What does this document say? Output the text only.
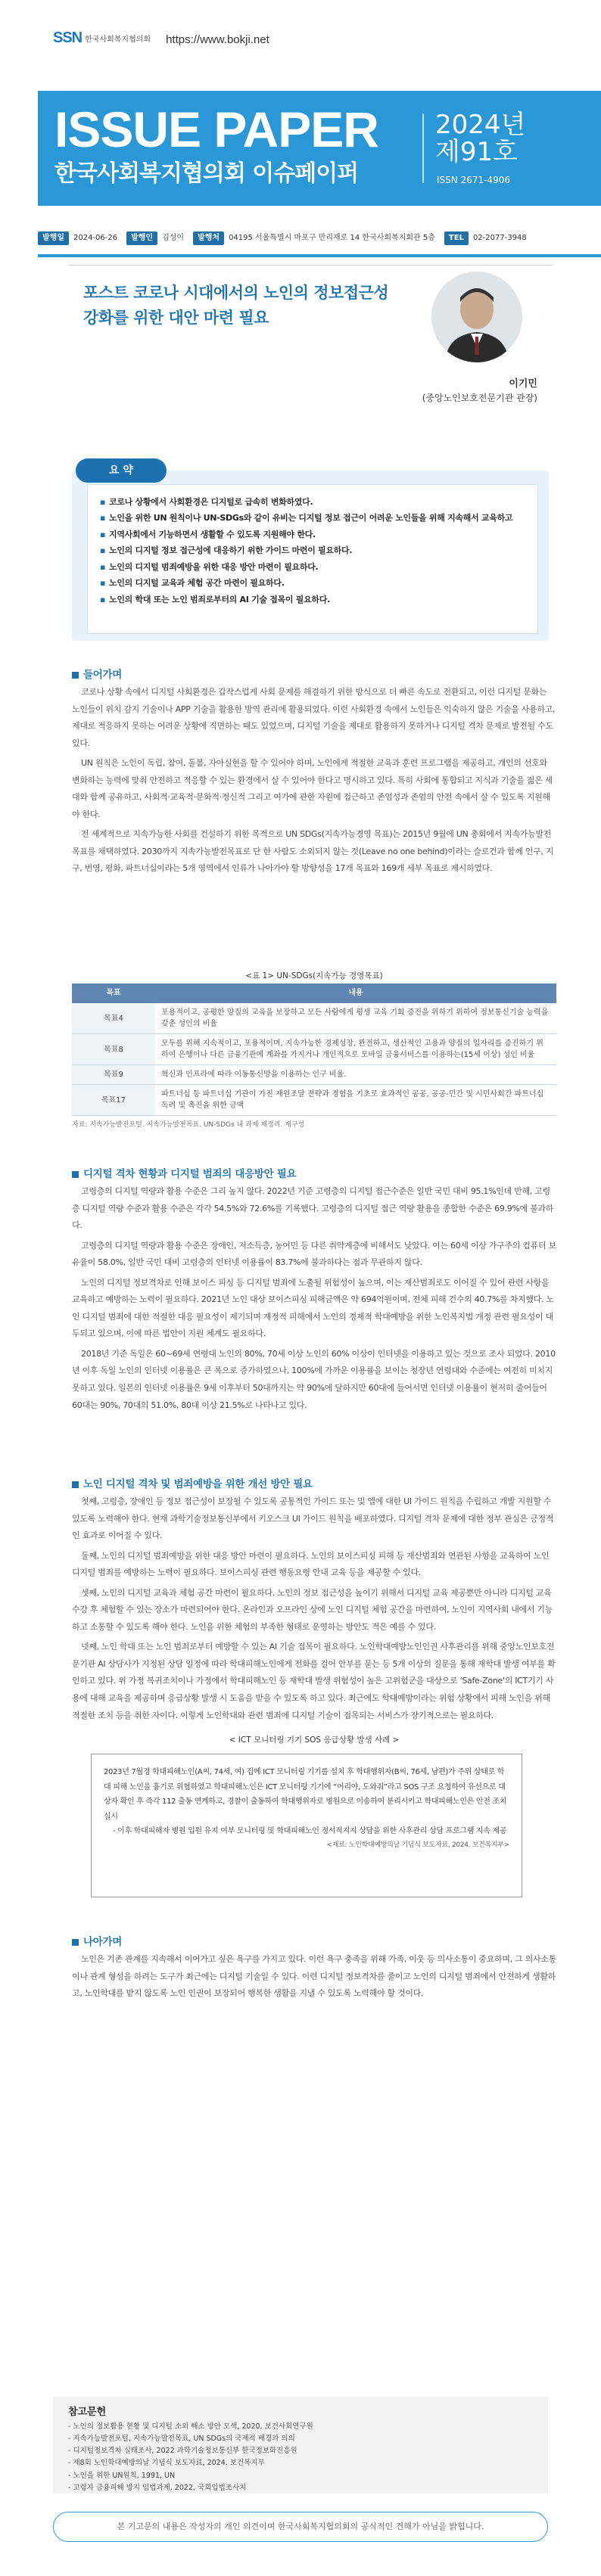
SSN 한국사회복지협의회 https://www.bokji.net
ISSUE PAPER
한국사회복지협의회 이슈페이퍼
2024년
제91호
ISSN 2671-4906
발행일	2024-06-26	발행인	김성이	발행처	04195 서울특별시 마포구 만리재로 14 한국사회복지회관 5층	TEL	02-2077-3948
포스트 코로나 시대에서의 노인의 정보접근성
강화를 위한 대안 마련 필요
이기민
(중앙노인보호전문기관 관장)
▪ 코로나 상황에서 사회환경은 디지털로 급속히 변화하였다.
▪ 노인을 위한 UN 원칙이나 UN-SDGs와 같이 유비는 디지털 정보 접근이 어려운 노인들을 위해 지속해서 교육하고
▪ 지역사회에서 기능하면서 생활할 수 있도록 지원해야 한다.
▪ 노인의 디지털 정보 접근성에 대응하기 위한 가이드 마련이 필요하다.
▪ 노인의 디지털 범죄예방을 위한 대응 방안 마련이 필요하다.
▪ 노인의 디지털 교육과 체험 공간 마련이 필요하다.
▪ 노인의 학대 또는 노인 범죄로부터의 AI 기술 접목이 필요하다.
요 약
들어가며

코로나 상황 속에서 디지털 사회환경은 갑작스럽게 사회 문제를 해결하기 위한 방식으로 더 빠른 속도로 전환되고, 이런 디지털 문화는 노인들이 위치 감지 기술이나 APP 기술을 활용한 방역 관리에 활용되었다. 이런 사회환경 속에서 노인들은 익숙하지 않은 기술을 사용하고, 제대로 적응하지 못하는 어려운 상황에 직면하는 때도 있었으며, 디지털 기술을 제대로 활용하지 못하거나 디지털 격차 문제로 발전될 수도 있다.

UN 원칙은 노인이 독립, 참여, 돌봄, 자아실현을 할 수 있어야 하며, 노인에게 적절한 교육과 훈련 프로그램을 제공하고, 개인의 선호와 변화하는 능력에 맞춰 안전하고 적응할 수 있는 환경에서 살 수 있어야 한다고 명시하고 있다. 특히 사회에 통합되고 지식과 기술을 젊은 세대와 함께 공유하고, 사회적·교육적·문화적·정신적 그리고 여가에 관한 자원에 접근하고 존엄성과 존엄의 안전 속에서 살 수 있도록 지원해야 한다.

전 세계적으로 지속가능한 사회를 건설하기 위한 목적으로 UN SDGs(지속가능경영 목표)는 2015년 9월에 UN 총회에서 지속가능발전목표를 채택하였다. 2030까지 지속가능발전목표로 단 한 사람도 소외되지 않는 것(Leave no one behind)이라는 슬로건과 함께 인구, 지구, 번영, 평화, 파트너십이라는 5개 영역에서 인류가 나아가야 할 방향성을 17개 목표와 169개 세부 목표로 제시하였다.

<표 1> UN-SDGs(지속가능 경영목표)
목표	내용
목표4	포용적이고, 공평한 양질의 교육을 보장하고 모든 사람에게 평생 교육 기회 증진을 위하기 위하여 정보통신기술 능력을 갖춘 성인의 비율
목표8	모두를 위해 지속적이고, 포용적이며, 지속가능한 경제성장, 완전하고, 생산적인 고용과 양질의 일자리를 증진하기 위하여 은행이나 다른 금융기관에 계좌를 가지거나 개인적으로 모바일 금융서비스를 이용하는(15세 이상) 성인 비율
목표9	혁신과 인프라에 따라 이동통신망을 이용하는 인구 비율.
목표17	파트너십 등 파트너십 기관이 가진 재원조달 전략과 경험을 기초로 효과적인 공공, 공공-민간 및 시민사회간 파트너십 독려 및 촉진을 위한 금액
자료: 지속가능발전포털. 지속가능발전목표. UN-SDGs 내 과제 재정리. 재구성
디지털 격차 현황과 디지털 범죄의 대응방안 필요

고령층의 디지털 역량과 활용 수준은 그리 높지 않다. 2022년 기준 고령층의 디지털 접근수준은 일반 국민 대비 95.1%인데 반해, 고령층 디지털 역량 수준과 활용 수준은 각각 54.5%와 72.6%를 기록했다. 고령층의 디지털 접근 역량 활용을 종합한 수준은 69.9%에 불과하다.

고령층의 디지털 역량과 활용 수준은 장애인, 저소득층, 농어민 등 다른 취약계층에 비해서도 낮았다. 이는 60세 이상 가구주의 컴퓨터 보유율이 58.0%, 일반 국민 대비 고령층의 인터넷 이용률이 83.7%에 불과하다는 점과 무관하지 않다.

노인의 디지털 정보격차로 인해 보이스 피싱 등 디지털 범죄에 노출될 위험성이 높으며, 이는 재산범죄로도 이어질 수 있어 관련 사항을 교육하고 예방하는 노력이 필요하다. 2021년 노인 대상 보이스피싱 피해금액은 약 694억원이며, 전체 피해 건수의 40.7%를 차지했다. 노인 디지털 범죄에 대한 적절한 대응 필요성이 제기되며 재정적 피해에서 노인의 경제적 학대예방을 위한 노인복지법 개정 관련 필요성이 대두되고 있으며, 이에 따른 법안이 지원 체계도 필요하다.

2018년 기준 독일은 60~69세 연령대 노인의 80%, 70세 이상 노인의 60% 이상이 인터넷을 이용하고 있는 것으로 조사 되었다. 2010년 이후 독일 노인의 인터넷 이용률은 큰 폭으로 증가하였으나, 100%에 가까운 이용률을 보이는 청장년 연령대와 수준에는 여전히 미치지 못하고 있다. 일본의 인터넷 이용률은 9세 이후부터 50대까지는 약 90%에 달하지만 60대에 들어서면 인터넷 이용률이 현저히 줄어들어 60대는 90%, 70대의 51.0%, 80대 이상 21.5%로 나타나고 있다.

노인 디지털 격차 및 범죄예방을 위한 개선 방안 필요

첫째, 고령층, 장애인 등 정보 접근성이 보장될 수 있도록 공통적인 가이드 또는 및 앱에 대한 UI 가이드 원칙을 수립하고 개발 지원할 수 있도록 노력해야 한다. 현재 과학기술정보통신부에서 키오스크 UI 가이드 원칙을 배포하였다. 디지털 격차 문제에 대한 정부 관심은 긍정적인 효과로 이어질 수 있다.

둘째, 노인의 디지털 범죄예방을 위한 대응 방안 마련이 필요하다. 노인의 보이스피싱 피해 등 재산범죄와 연관된 사항을 교육하여 노인 디지털 범죄를 예방하는 노력이 필요하다. 보이스피싱 관련 행동요령 안내 교육 등을 제공할 수 있다.

셋째, 노인의 디지털 교육과 체험 공간 마련이 필요하다. 노인의 정보 접근성을 높이기 위해서 디지털 교육 제공뿐만 아니라 디지털 교육 수강 후 체험할 수 있는 장소가 마련되어야 한다. 온라인과 오프라인 상에 노인 디지털 체험 공간을 마련하여, 노인이 지역사회 내에서 기능하고 소통할 수 있도록 해야 한다. 노인을 위한 체험의 부족한 형태로 운영하는 방안도 적은 예를 수 있다.

넷째, 노인 학대 또는 노인 범죄로부터 예방할 수 있는 AI 기술 접목이 필요하다. 노인학대예방노인인권 사후관리를 위해 중앙노인보호전문기관 AI 상담사가 지정된 상담 일정에 따라 학대피해노인에게 전화를 걸어 안부를 묻는 등 5개 이상의 질문을 통해 재학대 발생 여부를 확인하고 있다. 위 가정 복귀조치이나 가정에서 학대피해노인 등 재학대 발생 위험성이 높은 고위험군을 대상으로 'Safe-Zone'의 ICT기기 사용에 대해 교육을 제공하며 응급상황 발생 시 도움을 받을 수 있도록 하고 있다. 최근에도 학대예방이라는 위험 상황에서 피해 노인을 위해 적절한 조치 등을 취한 자이다. 이렇게 노인학대와 관련 범죄에 디지털 기술이 접목되는 서비스가 장기적으로는 필요하다.

< ICT 모니터링 기기 SOS 응급상황 발생 사례 >

2023년 7월경 학대피해노인(A씨, 74세, 여) 집에 ICT 모니터링 기기를 설치 후 학대행위자(B씨, 76세, 남편)가 주위 상태로 학대 피해 노인을 흉기로 위협하였고 학대피해노인은 ICT 모니터링 기기에 “어리야, 도와줘”라고 SOS 구조 요청하여 유선으로 대상자 확인 후 즉각 112 출동 연계하고, 경찰이 출동하여 학대행위자로 병원으로 이송하여 분리시키고 학대피해노인은 안전 조치 실시

- 이후 학대피해자 병원 입원 유지 여부 모니터링 및 학대피해노인 정서적지지 상담을 위한 사후관리 상담 프로그램 지속 제공

<재료: 노인학대예방의날 기념식 보도자료, 2024. 보건복지부>

나아가며

노인은 기존 관계를 지속해서 이어가고 싶은 욕구를 가지고 있다. 이런 욕구 충족을 위해 가족, 이웃 등 의사소통이 중요하며, 그 의사소통이나 관계 형성을 하려는 도구가 최근에는 디지털 기술일 수 있다. 이런 디지털 정보격차를 줄이고 노인의 디지털 범죄에서 안전하게 생활하고, 노인학대를 받지 않도록 노인 인권이 보장되어 행복한 생활을 지낼 수 있도록 노력해야 할 것이다.

참고문헌
- 노인의 정보활용 현황 및 디지털 소외 해소 방안 모색, 2020, 보건사회연구원
- 지속가능발전포털, 지속가능발전목표, UN SDGs의 국제적 배경과 의의
- 디지털정보격차 실태조사, 2022 과학기술정보통신부 한국정보화진흥원
- 제8회 노인학대예방의날 기념식 보도자료, 2024. 보건복지부
- 노인을 위한 UN원칙, 1991, UN
- 고령자 금융피해 방지 입법과제, 2022, 국회입법조사처
본 기고문의 내용은 작성자의 개인 의견이며 한국사회복지협의회의 공식적인 견해가 아님을 밝힙니다.
